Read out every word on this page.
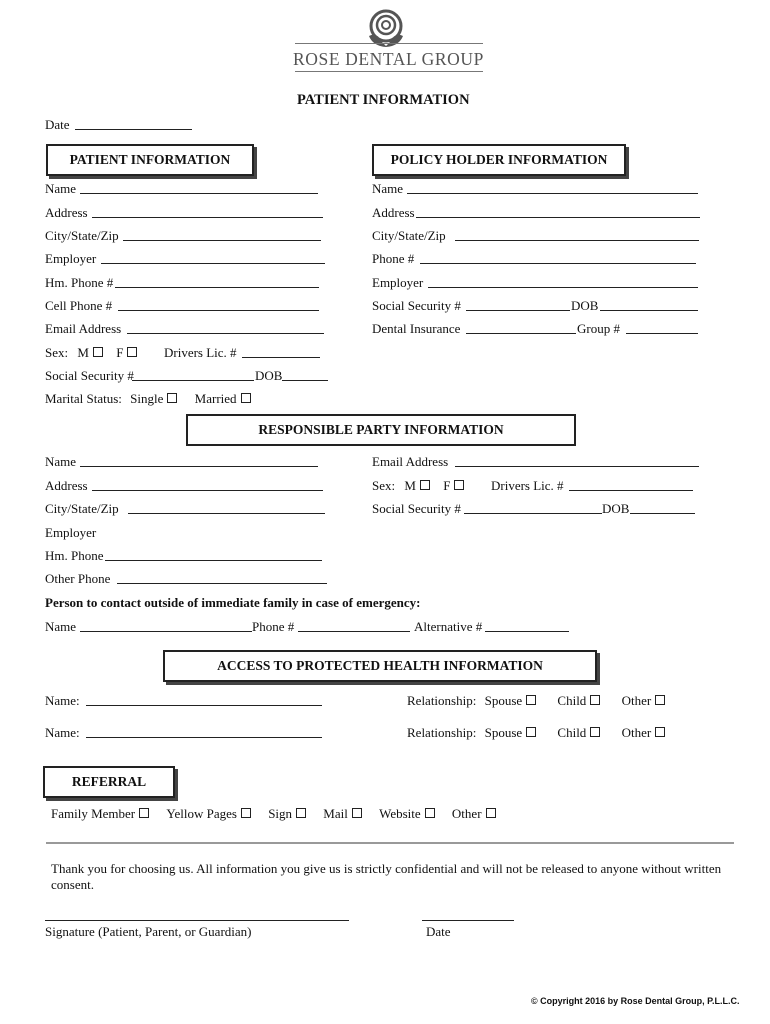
ROSE DENTAL GROUP
PATIENT INFORMATION
Date
PATIENT INFORMATION	POLICY HOLDER INFORMATION
Name
Address
City/State/Zip
Employer
Hm. Phone #
Cell Phone #
Email Address
Sex: M F	Drivers Lic. #
Social Security #	DOB
Marital Status: Single Married
Name
Address
City/State/Zip
Phone #
Employer
Social Security #	DOB
Dental Insurance	Group #
RESPONSIBLE PARTY INFORMATION
Name
Address
City/State/Zip
Employer
Hm. Phone
Other Phone
Email Address
Sex: M F	Drivers Lic. #
Social Security #	DOB
Person to contact outside of immediate family in case of emergency:
Name	Phone #	Alternative #
ACCESS TO PROTECTED HEALTH INFORMATION
Name:	Relationship: Spouse	Child	Other
Name:	Relationship: Spouse	Child	Other
REFERRAL
Family Member Yellow Pages Sign Mail Website Other
Thank you for choosing us. All information you give us is strictly confidential and will not be released to anyone without written consent.
Signature (Patient, Parent, or Guardian)	Date
© Copyright 2016 by Rose Dental Group, P.L.L.C.
